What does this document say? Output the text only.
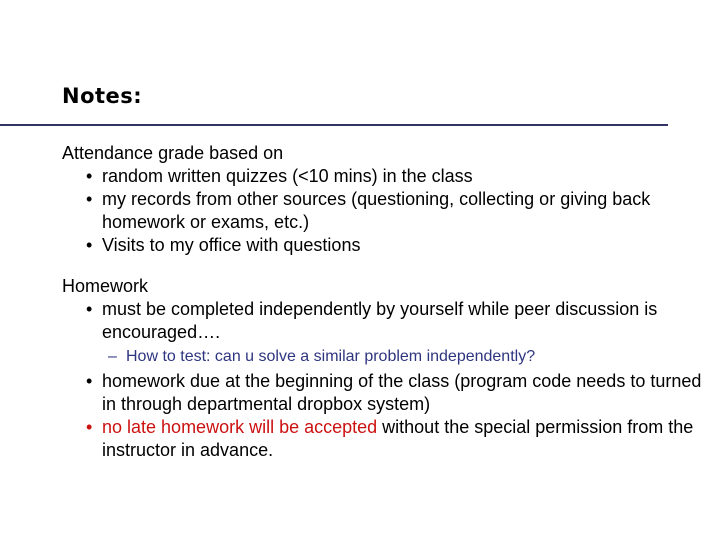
Notes:
Attendance grade based on
• random written quizzes (<10 mins) in the class
• my records from other sources (questioning, collecting or giving back homework or exams, etc.)
• Visits to my office with questions
Homework
• must be completed independently by yourself while peer discussion is encouraged….
– How to test: can u solve a similar problem independently?
• homework due at the beginning of the class (program code needs to turned in through departmental dropbox system)
• no late homework will be accepted without the special permission from the instructor in advance.
